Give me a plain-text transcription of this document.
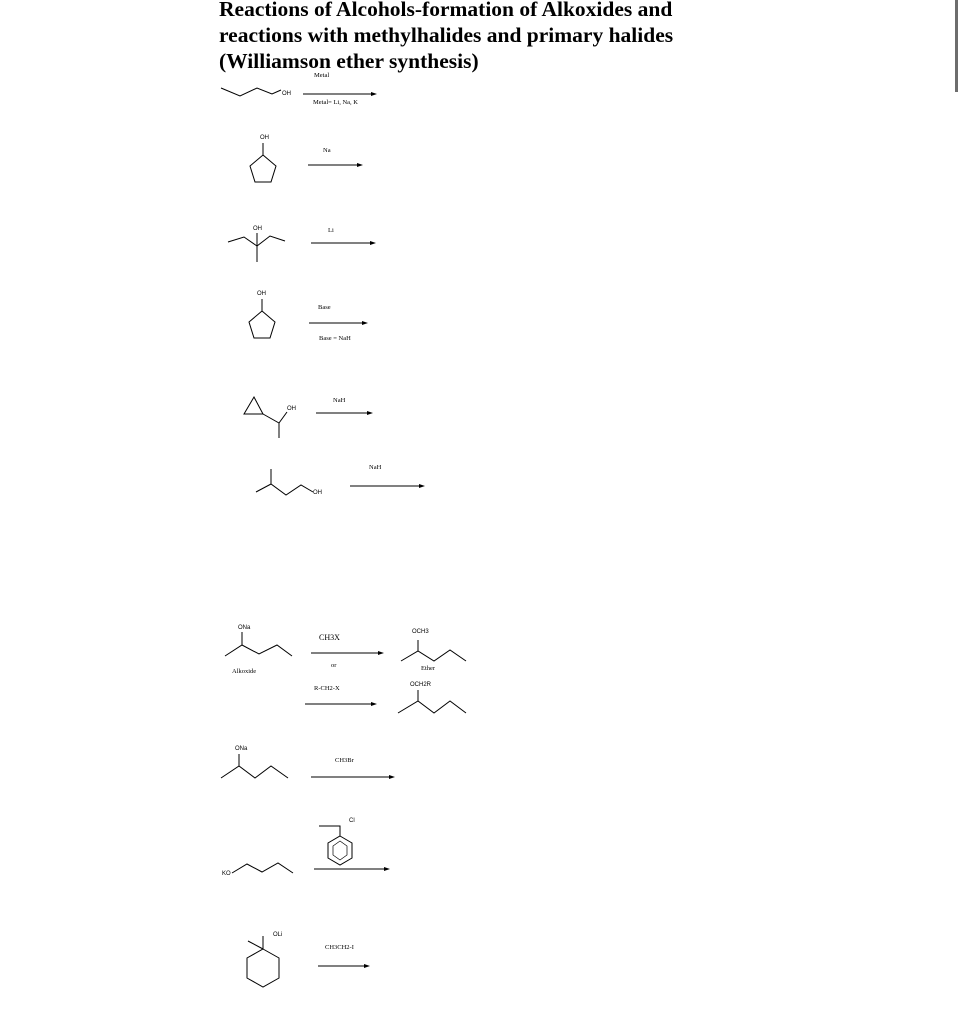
Reactions of Alcohols-formation of Alkoxides and
reactions with methylhalides and primary halides
(Williamson ether synthesis)
OH
Metal
Metal= Li, Na, K
OH
Na
OH	Li
OH
Base
Base = NaH
OH
NaH
OH
NaH
ONa
Alkoxide
CH3X
or
R-CH2-X
OCH3
Ether
OCH2R
ONa
CH3Br
KO
Cl
OLi
CH3CH2-I
